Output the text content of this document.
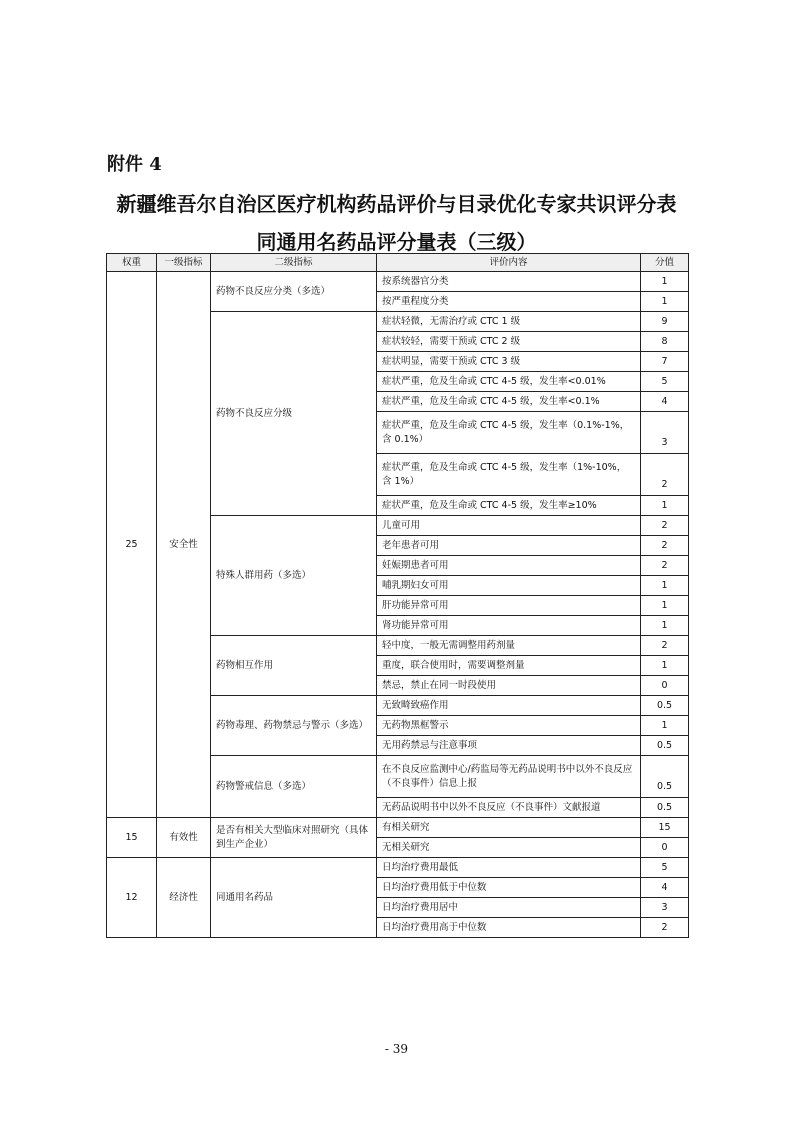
附件 4
新疆维吾尔自治区医疗机构药品评价与目录优化专家共识评分表
同通用名药品评分量表（三级）
权重	一级指标	二级指标	评价内容	分值
25	安全性	药物不良反应分类（多选）	按系统器官分类	1
			按严重程度分类	1
		药物不良反应分级	症状轻微，无需治疗或 CTC 1 级	9
			症状较轻，需要干预或 CTC 2 级	8
			症状明显，需要干预或 CTC 3 级	7
			症状严重，危及生命或 CTC 4-5 级，发生率<0.01%	5
			症状严重，危及生命或 CTC 4-5 级，发生率<0.1%	4
			症状严重，危及生命或 CTC 4-5 级，发生率（0.1%-1%，含 0.1%）	3
			症状严重，危及生命或 CTC 4-5 级，发生率（1%-10%，含 1%）	2
			症状严重，危及生命或 CTC 4-5 级，发生率≥10%	1
		特殊人群用药（多选）	儿童可用	2
			老年患者可用	2
			妊娠期患者可用	2
			哺乳期妇女可用	1
			肝功能异常可用	1
			肾功能异常可用	1
		药物相互作用	轻中度，一般无需调整用药剂量	2
			重度，联合使用时，需要调整剂量	1
			禁忌，禁止在同一时段使用	0
		药物毒理、药物禁忌与警示（多选）	无致畸致癌作用	0.5
			无药物黑框警示	1
			无用药禁忌与注意事项	0.5
		药物警戒信息（多选）	在不良反应监测中心/药监局等无药品说明书中以外不良反应（不良事件）信息上报	0.5
			无药品说明书中以外不良反应（不良事件）文献报道	0.5
15	有效性	是否有相关大型临床对照研究（具体到生产企业）	有相关研究	15
			无相关研究	0
12	经济性	同通用名药品	日均治疗费用最低	5
			日均治疗费用低于中位数	4
			日均治疗费用居中	3
			日均治疗费用高于中位数	2
- 39
